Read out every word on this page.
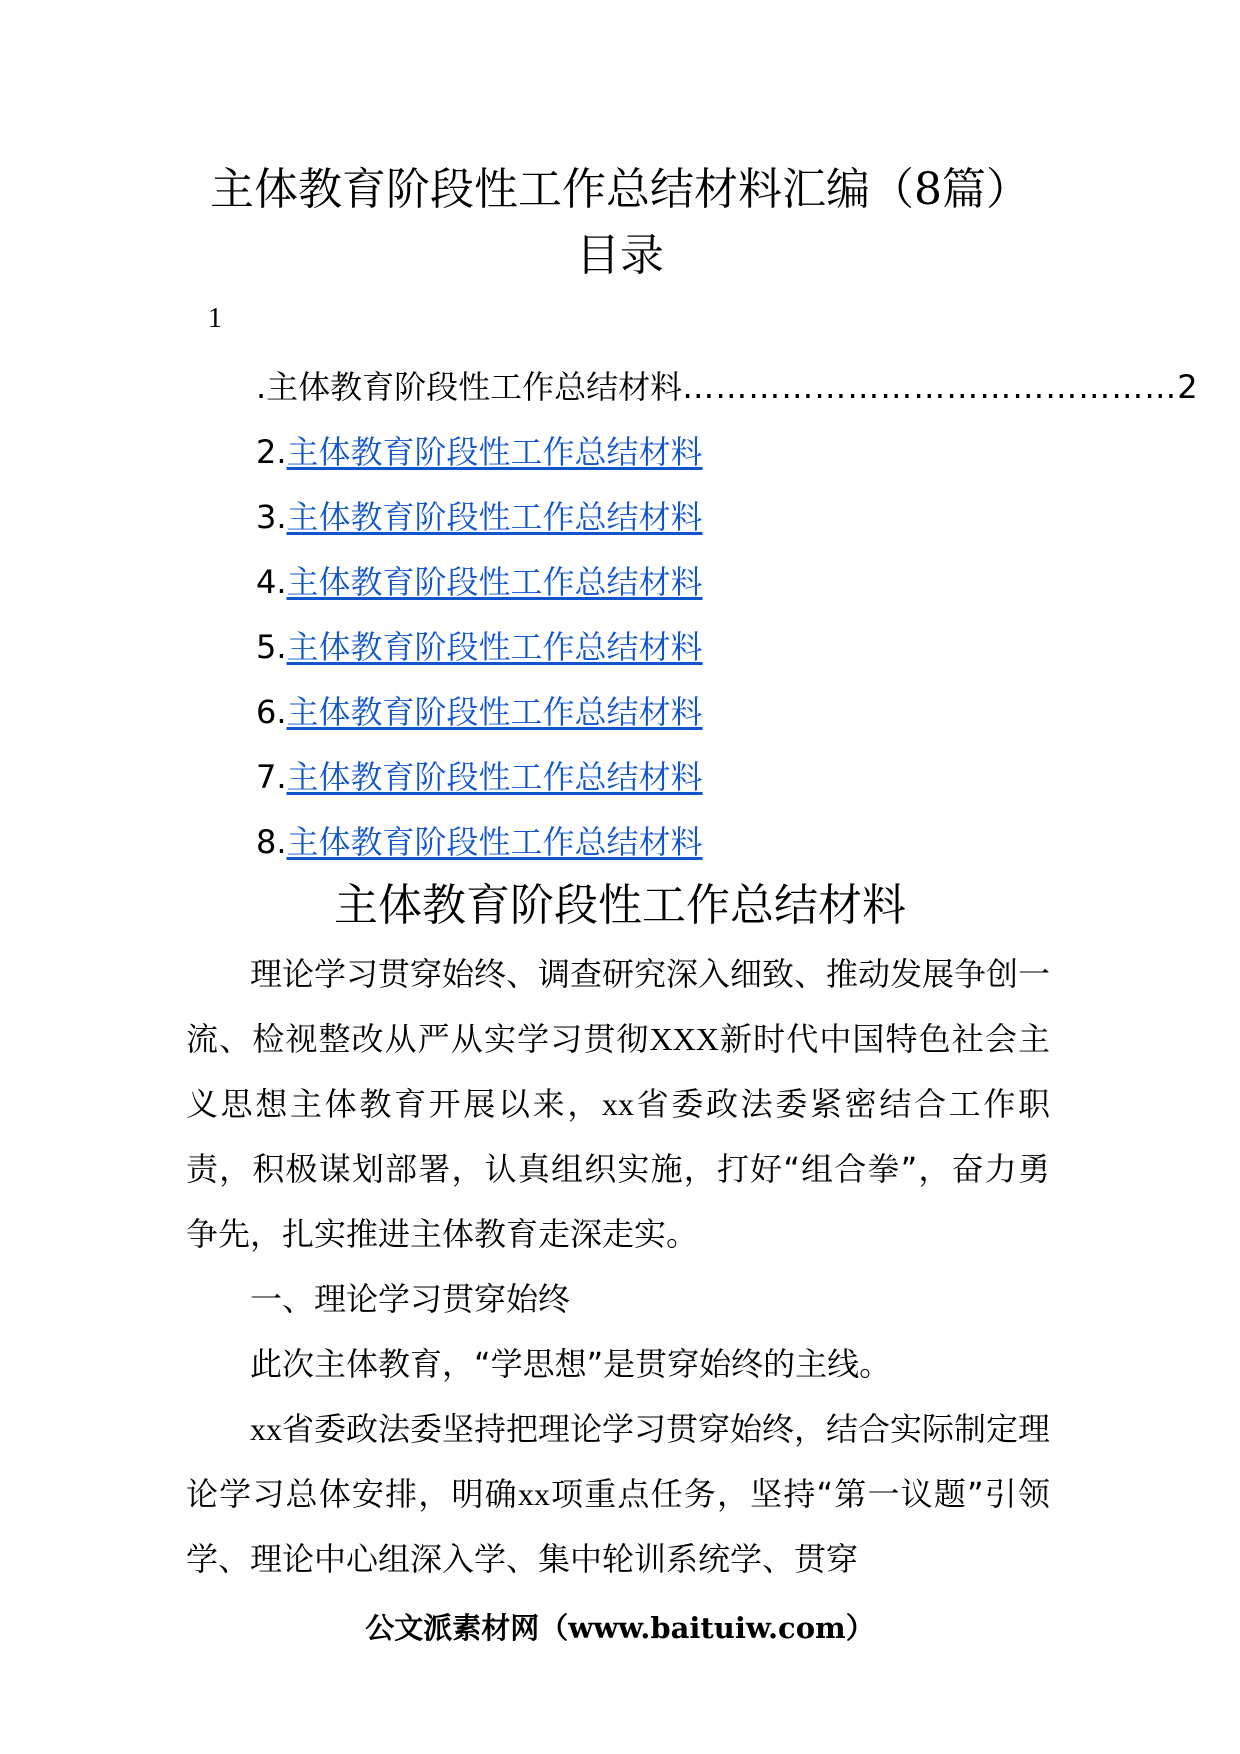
主体教育阶段性工作总结材料汇编（8篇）
目录
1
.主体教育阶段性工作总结材料 ……………………………………… 2
2.主体教育阶段性工作总结材料
3.主体教育阶段性工作总结材料
4.主体教育阶段性工作总结材料
5.主体教育阶段性工作总结材料
6.主体教育阶段性工作总结材料
7.主体教育阶段性工作总结材料
8.主体教育阶段性工作总结材料
主体教育阶段性工作总结材料

理论学习贯穿始终、调查研究深入细致、推动发展争创一流、检视整改从严从实学习贯彻XXX新时代中国特色社会主义思想主体教育开展以来，xx省委政法委紧密结合工作职责，积极谋划部署，认真组织实施，打好“组合拳”，奋力勇争先，扎实推进主体教育走深走实。

一、理论学习贯穿始终

此次主体教育，“学思想”是贯穿始终的主线。

xx省委政法委坚持把理论学习贯穿始终，结合实际制定理论学习总体安排，明确xx项重点任务，坚持“第一议题”引领学、理论中心组深入学、集中轮训系统学、贯穿

公文派素材网（www.baituiw.com）
